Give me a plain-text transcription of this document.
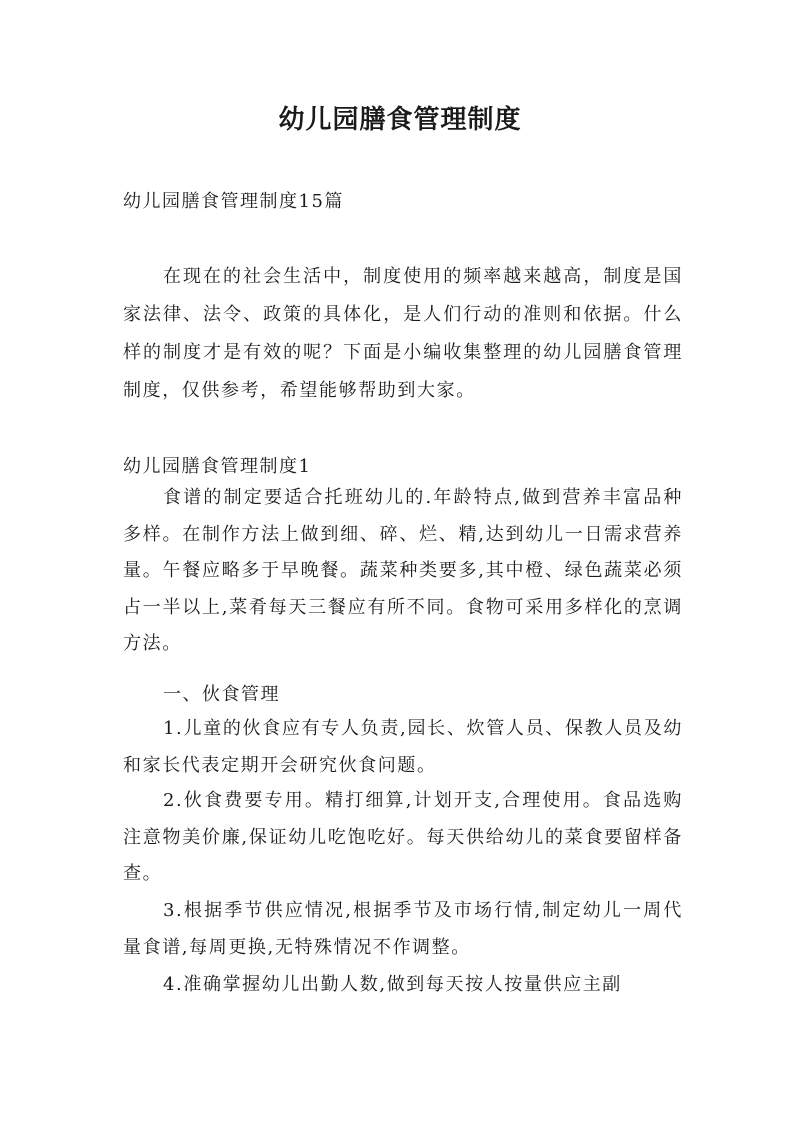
幼儿园膳食管理制度
幼儿园膳食管理制度15篇
在现在的社会生活中，制度使用的频率越来越高，制度是国家法律、法令、政策的具体化，是人们行动的准则和依据。什么样的制度才是有效的呢？下面是小编收集整理的幼儿园膳食管理制度，仅供参考，希望能够帮助到大家。
幼儿园膳食管理制度1
食谱的制定要适合托班幼儿的.年龄特点,做到营养丰富品种多样。在制作方法上做到细、碎、烂、精,达到幼儿一日需求营养量。午餐应略多于早晚餐。蔬菜种类要多,其中橙、绿色蔬菜必须占一半以上,菜肴每天三餐应有所不同。食物可采用多样化的烹调方法。
一、伙食管理
1.儿童的伙食应有专人负责,园长、炊管人员、保教人员及幼和家长代表定期开会研究伙食问题。
2.伙食费要专用。精打细算,计划开支,合理使用。食品选购注意物美价廉,保证幼儿吃饱吃好。每天供给幼儿的菜食要留样备查。
3.根据季节供应情况,根据季节及市场行情,制定幼儿一周代量食谱,每周更换,无特殊情况不作调整。
4.准确掌握幼儿出勤人数,做到每天按人按量供应主副
